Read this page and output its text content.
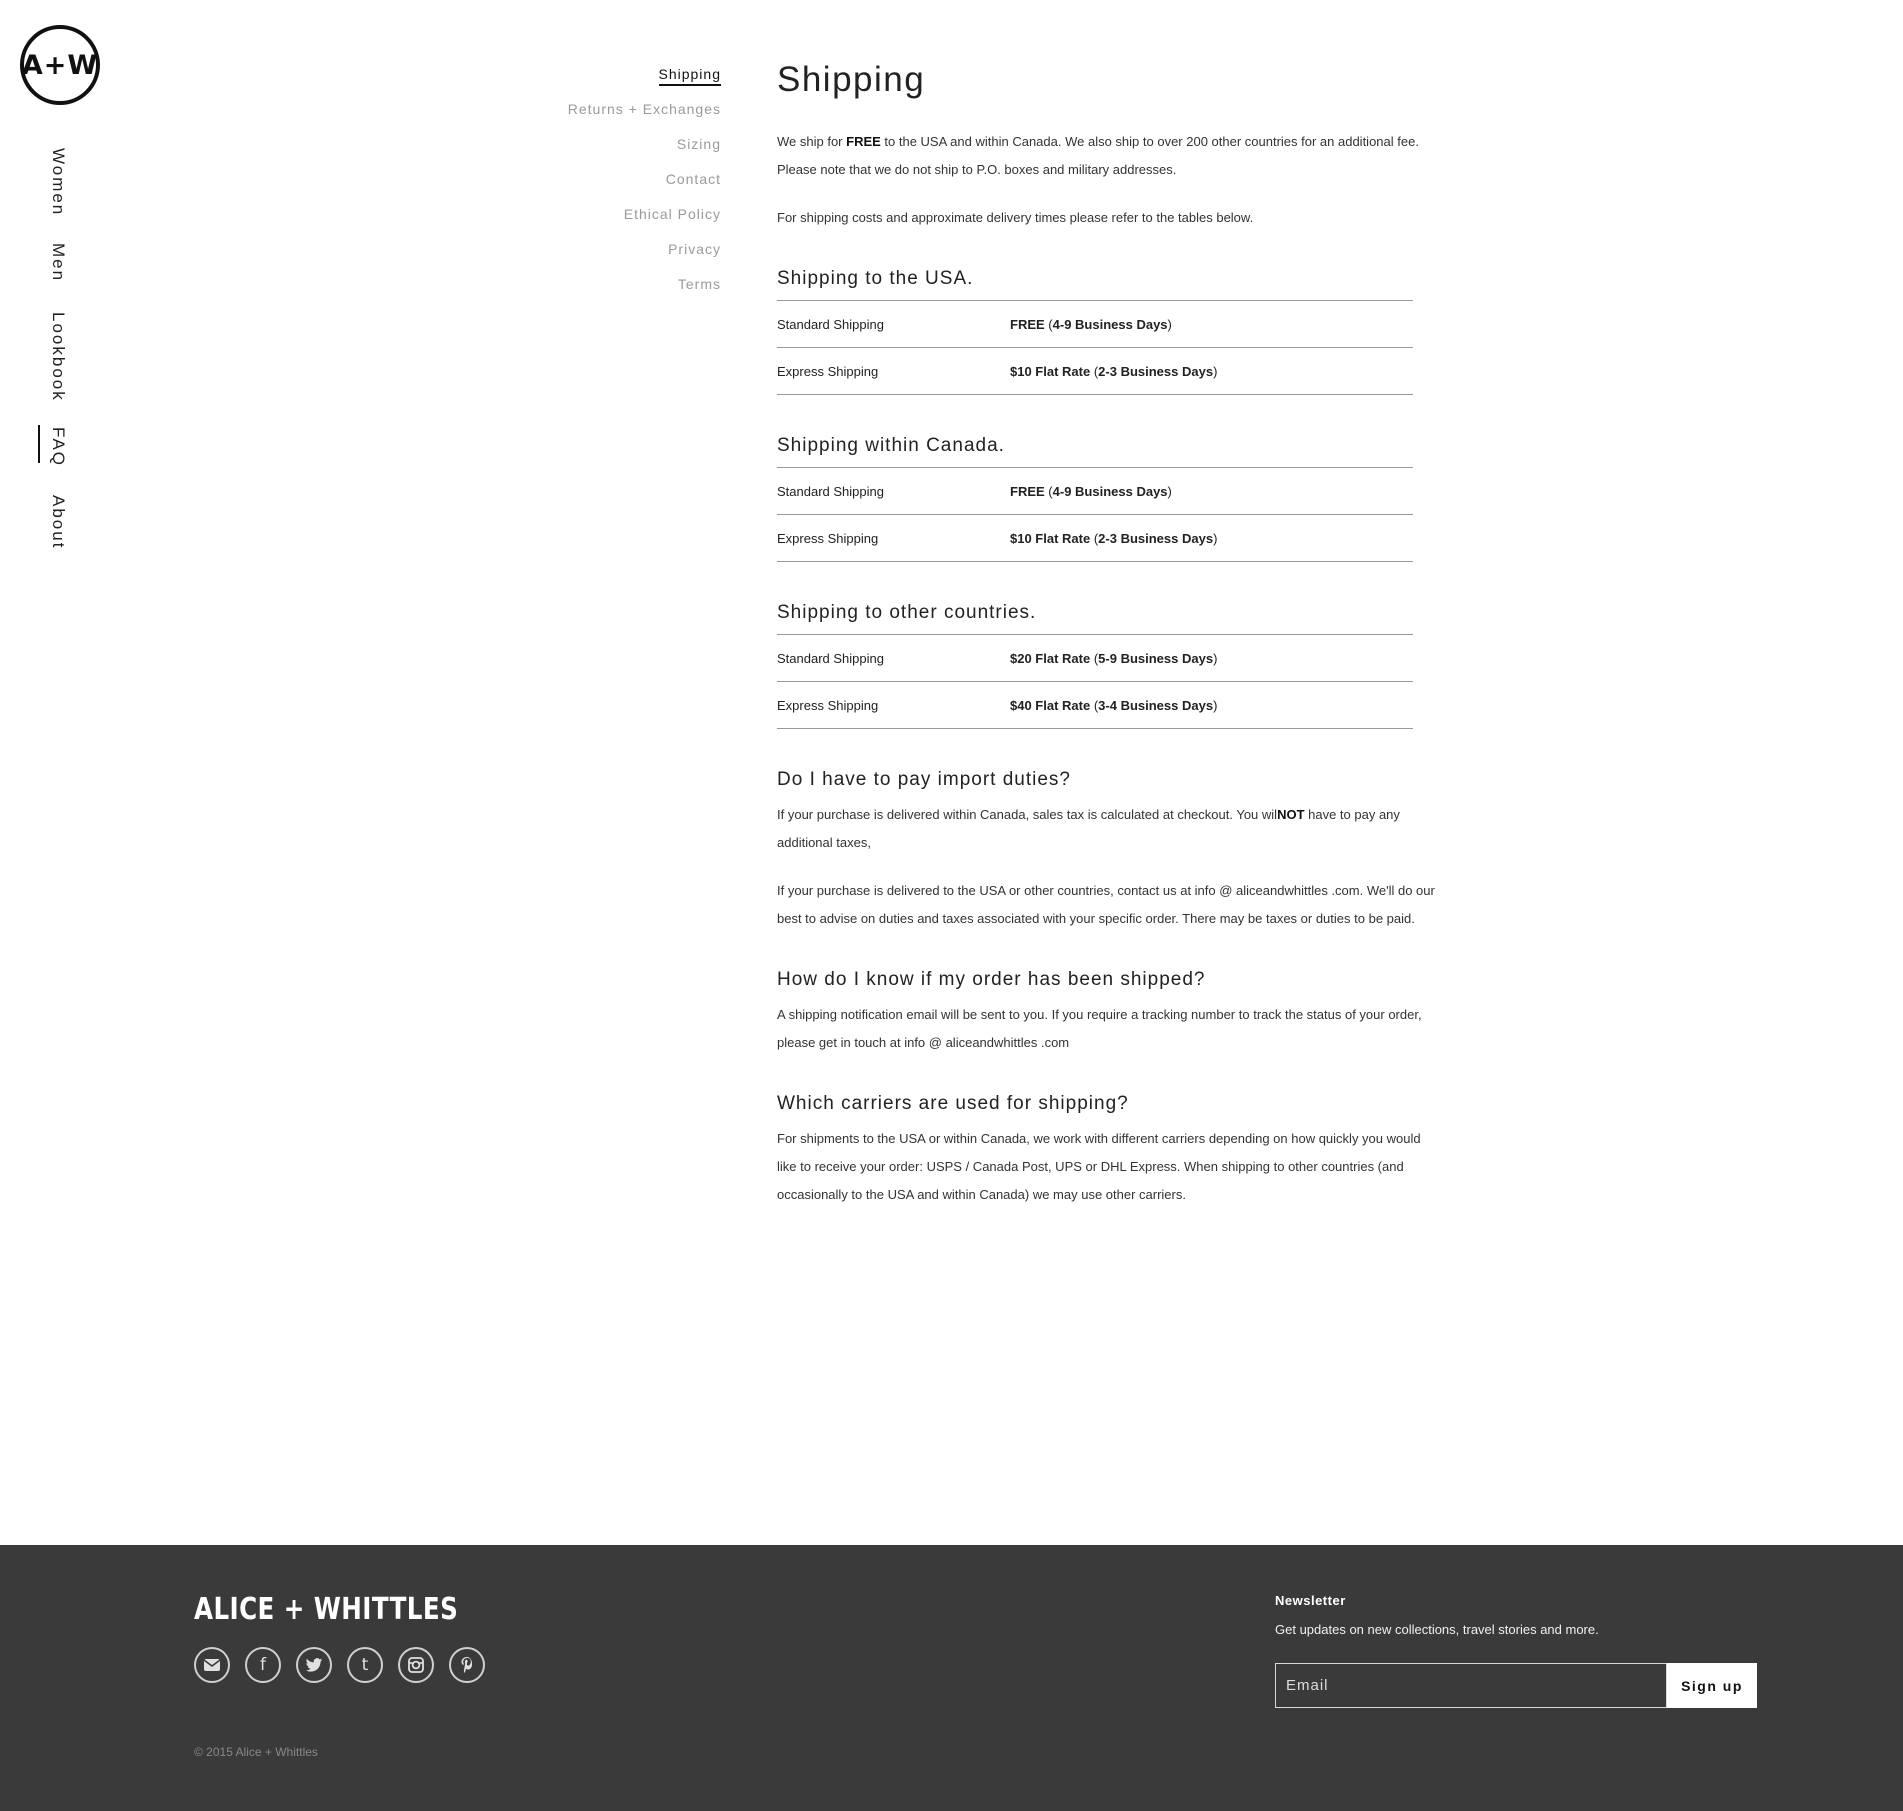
A+W
Women
Men
Lookbook
FAQ
About
Shipping
Returns + Exchanges
Sizing
Contact
Ethical Policy
Privacy
Terms
Shipping

We ship for FREE to the USA and within Canada. We also ship to over 200 other countries for an additional fee.
Please note that we do not ship to P.O. boxes and military addresses.

For shipping costs and approximate delivery times please refer to the tables below.

Shipping to the USA.
Standard Shipping	FREE (4-9 Business Days)
Express Shipping	$10 Flat Rate (2-3 Business Days)
Shipping within Canada.
Standard Shipping	FREE (4-9 Business Days)
Express Shipping	$10 Flat Rate (2-3 Business Days)
Shipping to other countries.
Standard Shipping	$20 Flat Rate (5-9 Business Days)
Express Shipping	$40 Flat Rate (3-4 Business Days)
Do I have to pay import duties?

If your purchase is delivered within Canada, sales tax is calculated at checkout. You wilNOT have to pay any additional taxes,

If your purchase is delivered to the USA or other countries, contact us at info @ aliceandwhittles .com. We'll do our best to advise on duties and taxes associated with your specific order. There may be taxes or duties to be paid.

How do I know if my order has been shipped?

A shipping notification email will be sent to you. If you require a tracking number to track the status of your order, please get in touch at info @ aliceandwhittles .com

Which carriers are used for shipping?

For shipments to the USA or within Canada, we work with different carriers depending on how quickly you would like to receive your order: USPS / Canada Post, UPS or DHL Express. When shipping to other countries (and occasionally to the USA and within Canada) we may use other carriers.

ALICE + WHITTLES
f	t
© 2015 Alice + Whittles
Newsletter
Get updates on new collections, travel stories and more.
Email
Sign up
